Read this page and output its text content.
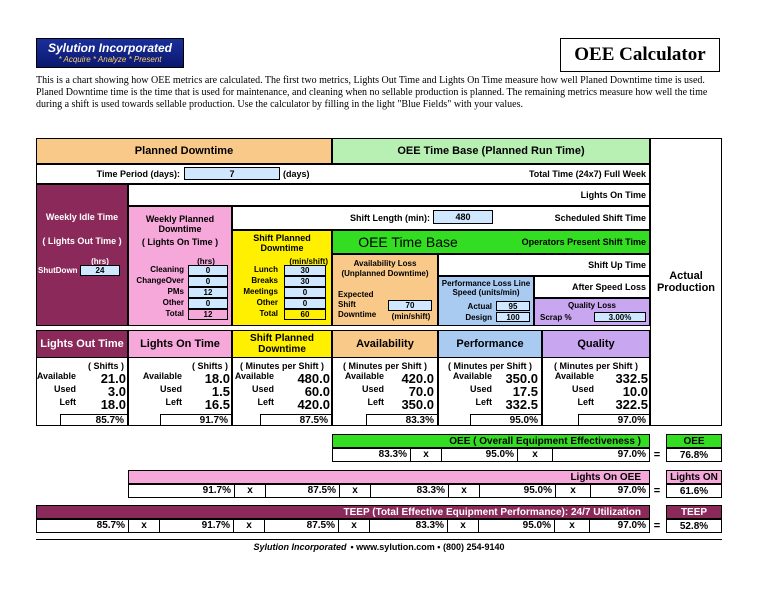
Sylution Incorporated
* Acquire * Analyze * Present	OEE Calculator
This is a chart showing how OEE metrics are calculated. The first two metrics, Lights Out Time and Lights On Time measure how well Planed Downtime time is used. Planed Downtime time is the time that is used for maintenance, and cleaning when no sellable production is planned. The remaining metrics measure how well the time during a shift is used towards sellable production. Use the calculator by filling in the light "Blue Fields" with your values.
Planned Downtime	OEE Time Base (Planned Run Time)
Time Period (days):	7	(days)	Total Time (24x7) Full Week
Lights On Time
Weekly Idle Time
( Lights Out Time )
(hrs)
ShutDown	24
Weekly Planned Downtime
( Lights On Time )
(hrs)
Cleaning	0
ChangeOver	0
PMs	12
Other	0
Total	12
Shift Length (min):	480	Scheduled Shift Time
Shift Planned Downtime
(min/shift)
Lunch	30
Breaks	30
Meetings	0
Other	0
Total	60
OEE Time Base	Operators Present Shift Time
Availability Loss (Unplanned Downtime)
Expected Shift Downtime
70
(min/shift)
Shift Up Time
Performance Loss Line Speed (units/min)
Actual	95
Design	100
After Speed Loss
Quality Loss
Scrap %	3.00%
Actual Production
Lights Out Time
( Shifts )
Available	21.0
Used	3.0
Left	18.0
85.7%
Lights On Time
( Shifts )
Available	18.0
Used	1.5
Left	16.5
91.7%
Shift Planned Downtime
( Minutes per Shift )
Available	480.0
Used	60.0
Left	420.0
87.5%
Availability
( Minutes per Shift )
Available	420.0
Used	70.0
Left	350.0
83.3%
Performance
( Minutes per Shift )
Available	350.0
Used	17.5
Left	332.5
95.0%
Quality
( Minutes per Shift )
Available	332.5
Used	10.0
Left	322.5
97.0%
OEE ( Overall Equipment Effectiveness )
83.3%	x	95.0%	x	97.0% =
OEE
76.8%
Lights On OEE
91.7%	x	87.5%	x	83.3%	x	95.0%	x	97.0% =
Lights ON
61.6%
TEEP (Total Effective Equipment Performance): 24/7 Utilization
85.7%	x	91.7%	x	87.5%	x	83.3%	x	95.0%	x	97.0% =
TEEP
52.8%
Sylution Incorporated • www.sylution.com • (800) 254-9140
